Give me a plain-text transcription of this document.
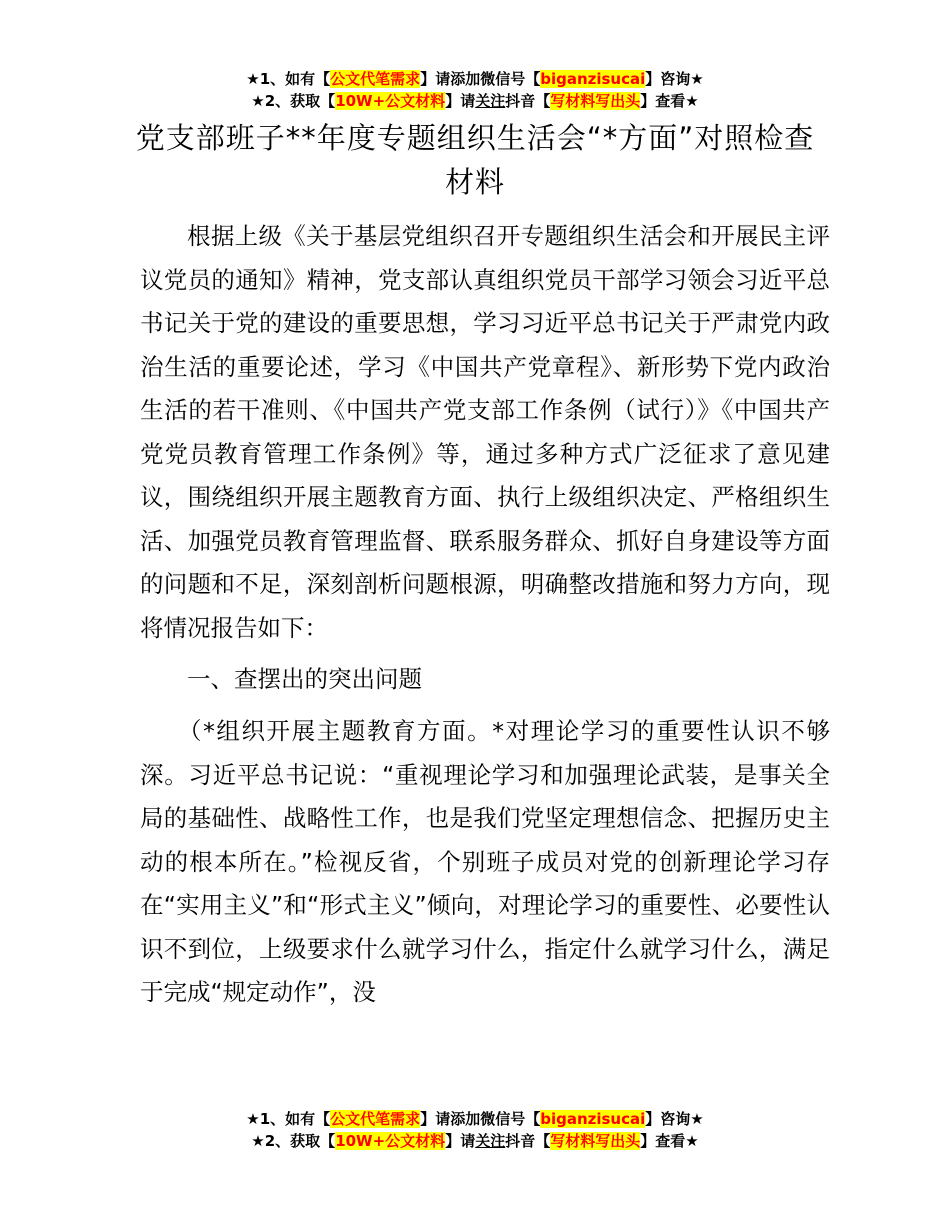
★1、如有【公文代笔需求】请添加微信号【biganzisucai】咨询★
★2、获取【10W+公文材料】请关注抖音【写材料写出头】查看★
党支部班子**年度专题组织生活会“*方面”对照检查材料

根据上级《关于基层党组织召开专题组织生活会和开展民主评议党员的通知》精神，党支部认真组织党员干部学习领会习近平总书记关于党的建设的重要思想，学习习近平总书记关于严肃党内政治生活的重要论述，学习《中国共产党章程》、新形势下党内政治生活的若干准则、《中国共产党支部工作条例（试行）》《中国共产党党员教育管理工作条例》等，通过多种方式广泛征求了意见建议，围绕组织开展主题教育方面、执行上级组织决定、严格组织生活、加强党员教育管理监督、联系服务群众、抓好自身建设等方面的问题和不足，深刻剖析问题根源，明确整改措施和努力方向，现将情况报告如下：

一、查摆出的突出问题

（*组织开展主题教育方面。*对理论学习的重要性认识不够深。习近平总书记说：“重视理论学习和加强理论武装，是事关全局的基础性、战略性工作，也是我们党坚定理想信念、把握历史主动的根本所在。”检视反省，个别班子成员对党的创新理论学习存在“实用主义”和“形式主义”倾向，对理论学习的重要性、必要性认识不到位，上级要求什么就学习什么，指定什么就学习什么，满足于完成“规定动作”，没

★1、如有【公文代笔需求】请添加微信号【biganzisucai】咨询★
★2、获取【10W+公文材料】请关注抖音【写材料写出头】查看★
